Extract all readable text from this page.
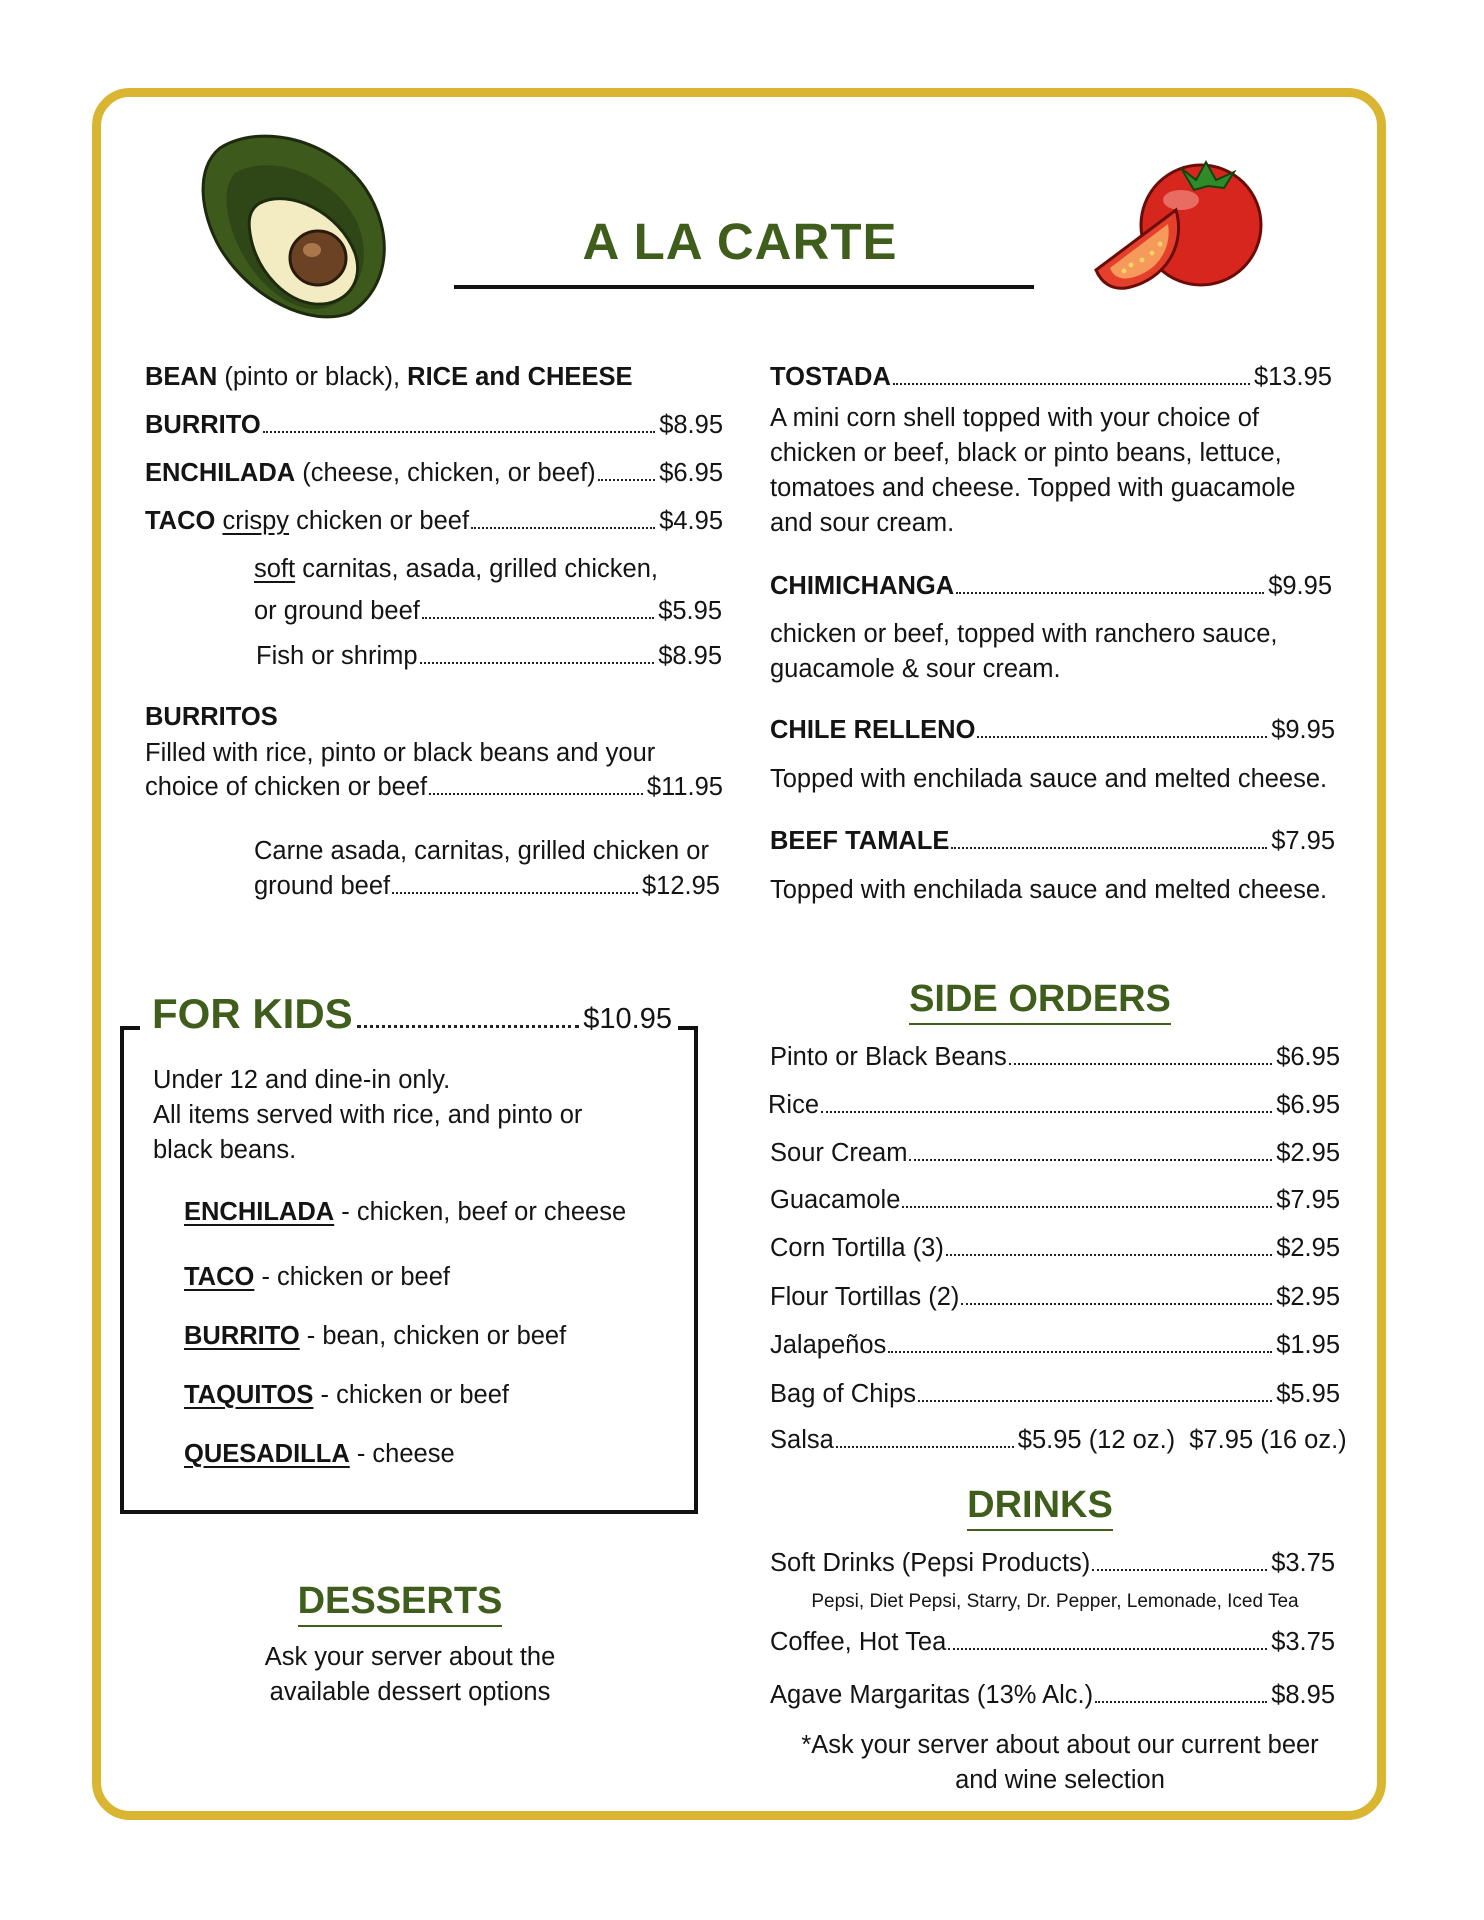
A LA CARTE
BEAN (pinto or black), RICE and CHEESE
BURRITO	$8.95
ENCHILADA (cheese, chicken, or beef) $6.95
TACO
crispy chicken or beef	$4.95
soft carnitas, asada, grilled chicken,
or ground beef	$5.95
Fish or shrimp	$8.95
BURRITOS
Filled with rice, pinto or black beans and your
choice of chicken or beef	$11.95
Carne asada, carnitas, grilled chicken or
ground beef	$12.95
TOSTADA	$13.95
A mini corn shell topped with your choice of
chicken or beef, black or pinto beans, lettuce,
tomatoes and cheese. Topped with guacamole
and sour cream.
CHIMICHANGA	$9.95
chicken or beef, topped with ranchero sauce,
guacamole & sour cream.
CHILE RELLENO	$9.95
Topped with enchilada sauce and melted cheese.
BEEF TAMALE	$7.95
Topped with enchilada sauce and melted cheese.
FOR KIDS	$10.95
Under 12 and dine-in only.
All items served with rice, and pinto or
black beans.
ENCHILADA - chicken, beef or cheese
TACO - chicken or beef
BURRITO - bean, chicken or beef
TAQUITOS - chicken or beef
QUESADILLA - cheese
DESSERTS
Ask your server about the
available dessert options
SIDE ORDERS
Pinto or Black Beans	$6.95
Rice	$6.95
Sour Cream	$2.95
Guacamole	$7.95
Corn Tortilla (3)	$2.95
Flour Tortillas (2)	$2.95
Jalapeños	$1.95
Bag of Chips	$5.95
Salsa	$5.95 (12 oz.)  $7.95 (16 oz.)
DRINKS
Soft Drinks (Pepsi Products)	$3.75
Pepsi, Diet Pepsi, Starry, Dr. Pepper, Lemonade, Iced Tea
Coffee, Hot Tea	$3.75
Agave Margaritas (13% Alc.)	$8.95
*Ask your server about about our current beer
and wine selection
